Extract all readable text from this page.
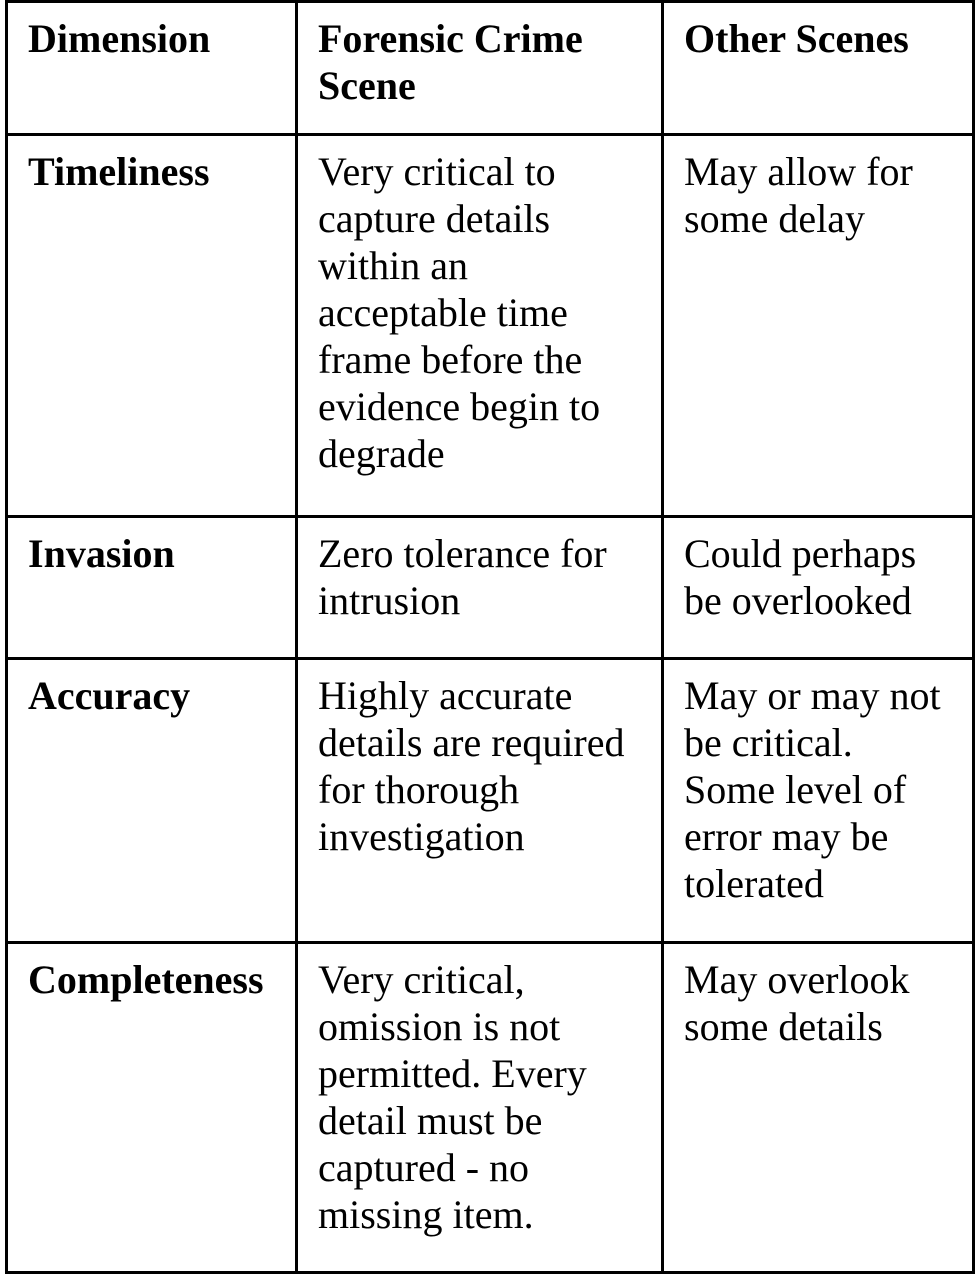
Dimension	Forensic Crime Scene	Other Scenes
Timeliness	Very critical to capture details within an acceptable time frame before the evidence begin to degrade	May allow for some delay
Invasion	Zero tolerance for intrusion	Could perhaps be overlooked
Accuracy	Highly accurate details are required for thorough investigation	May or may not be critical. Some level of error may be tolerated
Completeness	Very critical, omission is not permitted. Every detail must be captured - no missing item.	May overlook some details
